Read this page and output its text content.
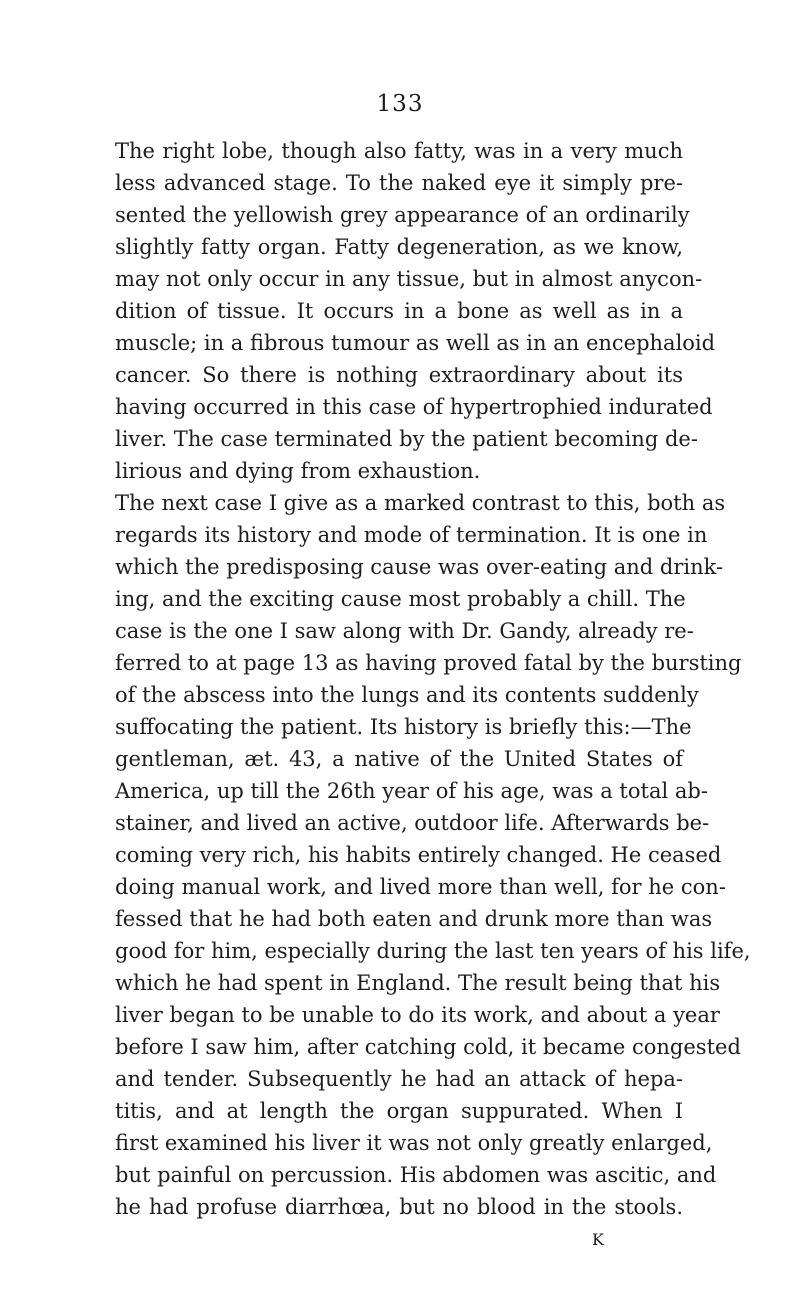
133
The right lobe, though also fatty, was in a very much
less advanced stage. To the naked eye it simply pre-
sented the yellowish grey appearance of an ordinarily
slightly fatty organ. Fatty degeneration, as we know,
may not only occur in any tissue, but in almost anycon-
dition of tissue. It occurs in a bone as well as in a
muscle; in a fibrous tumour as well as in an encephaloid
cancer. So there is nothing extraordinary about its
having occurred in this case of hypertrophied indurated
liver. The case terminated by the patient becoming de-
lirious and dying from exhaustion.
The next case I give as a marked contrast to this, both as
regards its history and mode of termination. It is one in
which the predisposing cause was over-eating and drink-
ing, and the exciting cause most probably a chill. The
case is the one I saw along with Dr. Gandy, already re-
ferred to at page 13 as having proved fatal by the bursting
of the abscess into the lungs and its contents suddenly
suffocating the patient. Its history is briefly this:—The
gentleman, æt. 43, a native of the United States of
America, up till the 26th year of his age, was a total ab-
stainer, and lived an active, outdoor life. Afterwards be-
coming very rich, his habits entirely changed. He ceased
doing manual work, and lived more than well, for he con-
fessed that he had both eaten and drunk more than was
good for him, especially during the last ten years of his life,
which he had spent in England. The result being that his
liver began to be unable to do its work, and about a year
before I saw him, after catching cold, it became congested
and tender. Subsequently he had an attack of hepa-
titis, and at length the organ suppurated. When I
first examined his liver it was not only greatly enlarged,
but painful on percussion. His abdomen was ascitic, and
he had profuse diarrhœa, but no blood in the stools.
K
